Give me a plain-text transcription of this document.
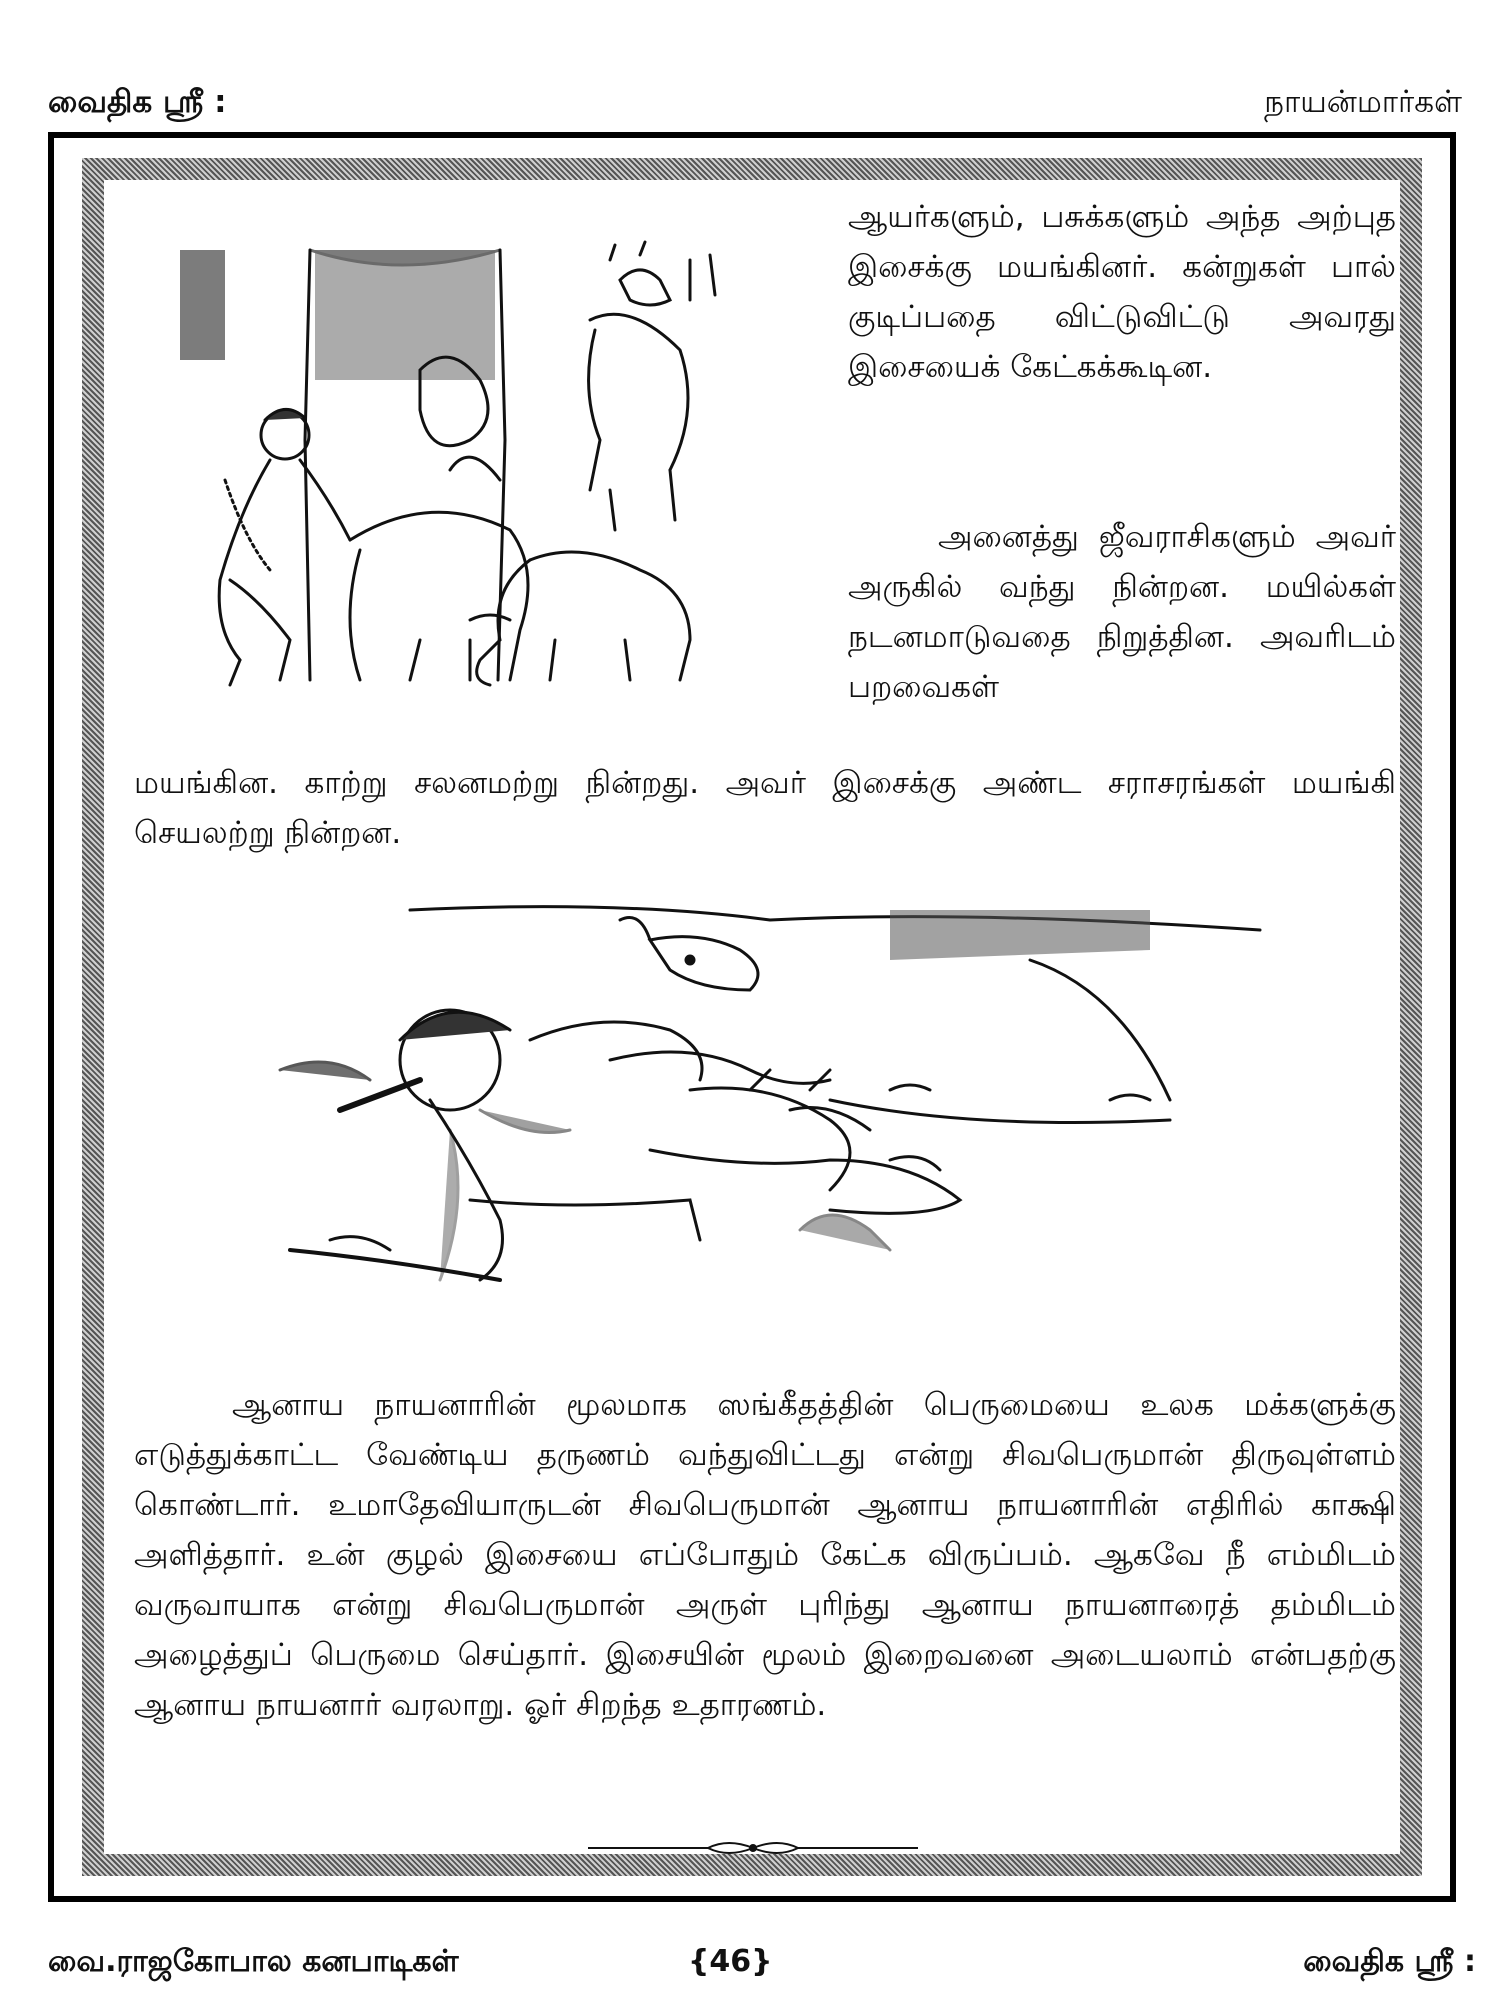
வைதிக ஸ்ரீ :	நாயன்மார்கள்

ஆயர்களும், பசுக்களும் அந்த அற்புத இசைக்கு மயங்கினர். கன்றுகள் பால் குடிப்பதை விட்டுவிட்டு அவரது இசையைக் கேட்கக்கூடின.

அனைத்து ஜீவராசிகளும் அவர் அருகில் வந்து நின்றன. மயில்கள் நடனமாடுவதை நிறுத்தின. அவரிடம் பறவைகள்

மயங்கின. காற்று சலனமற்று நின்றது. அவர் இசைக்கு அண்ட சராசரங்கள் மயங்கி செயலற்று நின்றன.

ஆனாய நாயனாரின் மூலமாக ஸங்கீதத்தின் பெருமையை உலக மக்களுக்கு எடுத்துக்காட்ட வேண்டிய தருணம் வந்துவிட்டது என்று சிவபெருமான் திருவுள்ளம் கொண்டார். உமாதேவியாருடன் சிவபெருமான் ஆனாய நாயனாரின் எதிரில் காக்ஷி அளித்தார். உன் குழல் இசையை எப்போதும் கேட்க விருப்பம். ஆகவே நீ எம்மிடம் வருவாயாக என்று சிவபெருமான் அருள் புரிந்து ஆனாய நாயனாரைத் தம்மிடம் அழைத்துப் பெருமை செய்தார். இசையின் மூலம் இறைவனை அடையலாம் என்பதற்கு ஆனாய நாயனார் வரலாறு. ஓர் சிறந்த உதாரணம்.

வை.ராஜகோபால கனபாடிகள்	{46}	வைதிக ஸ்ரீ :
